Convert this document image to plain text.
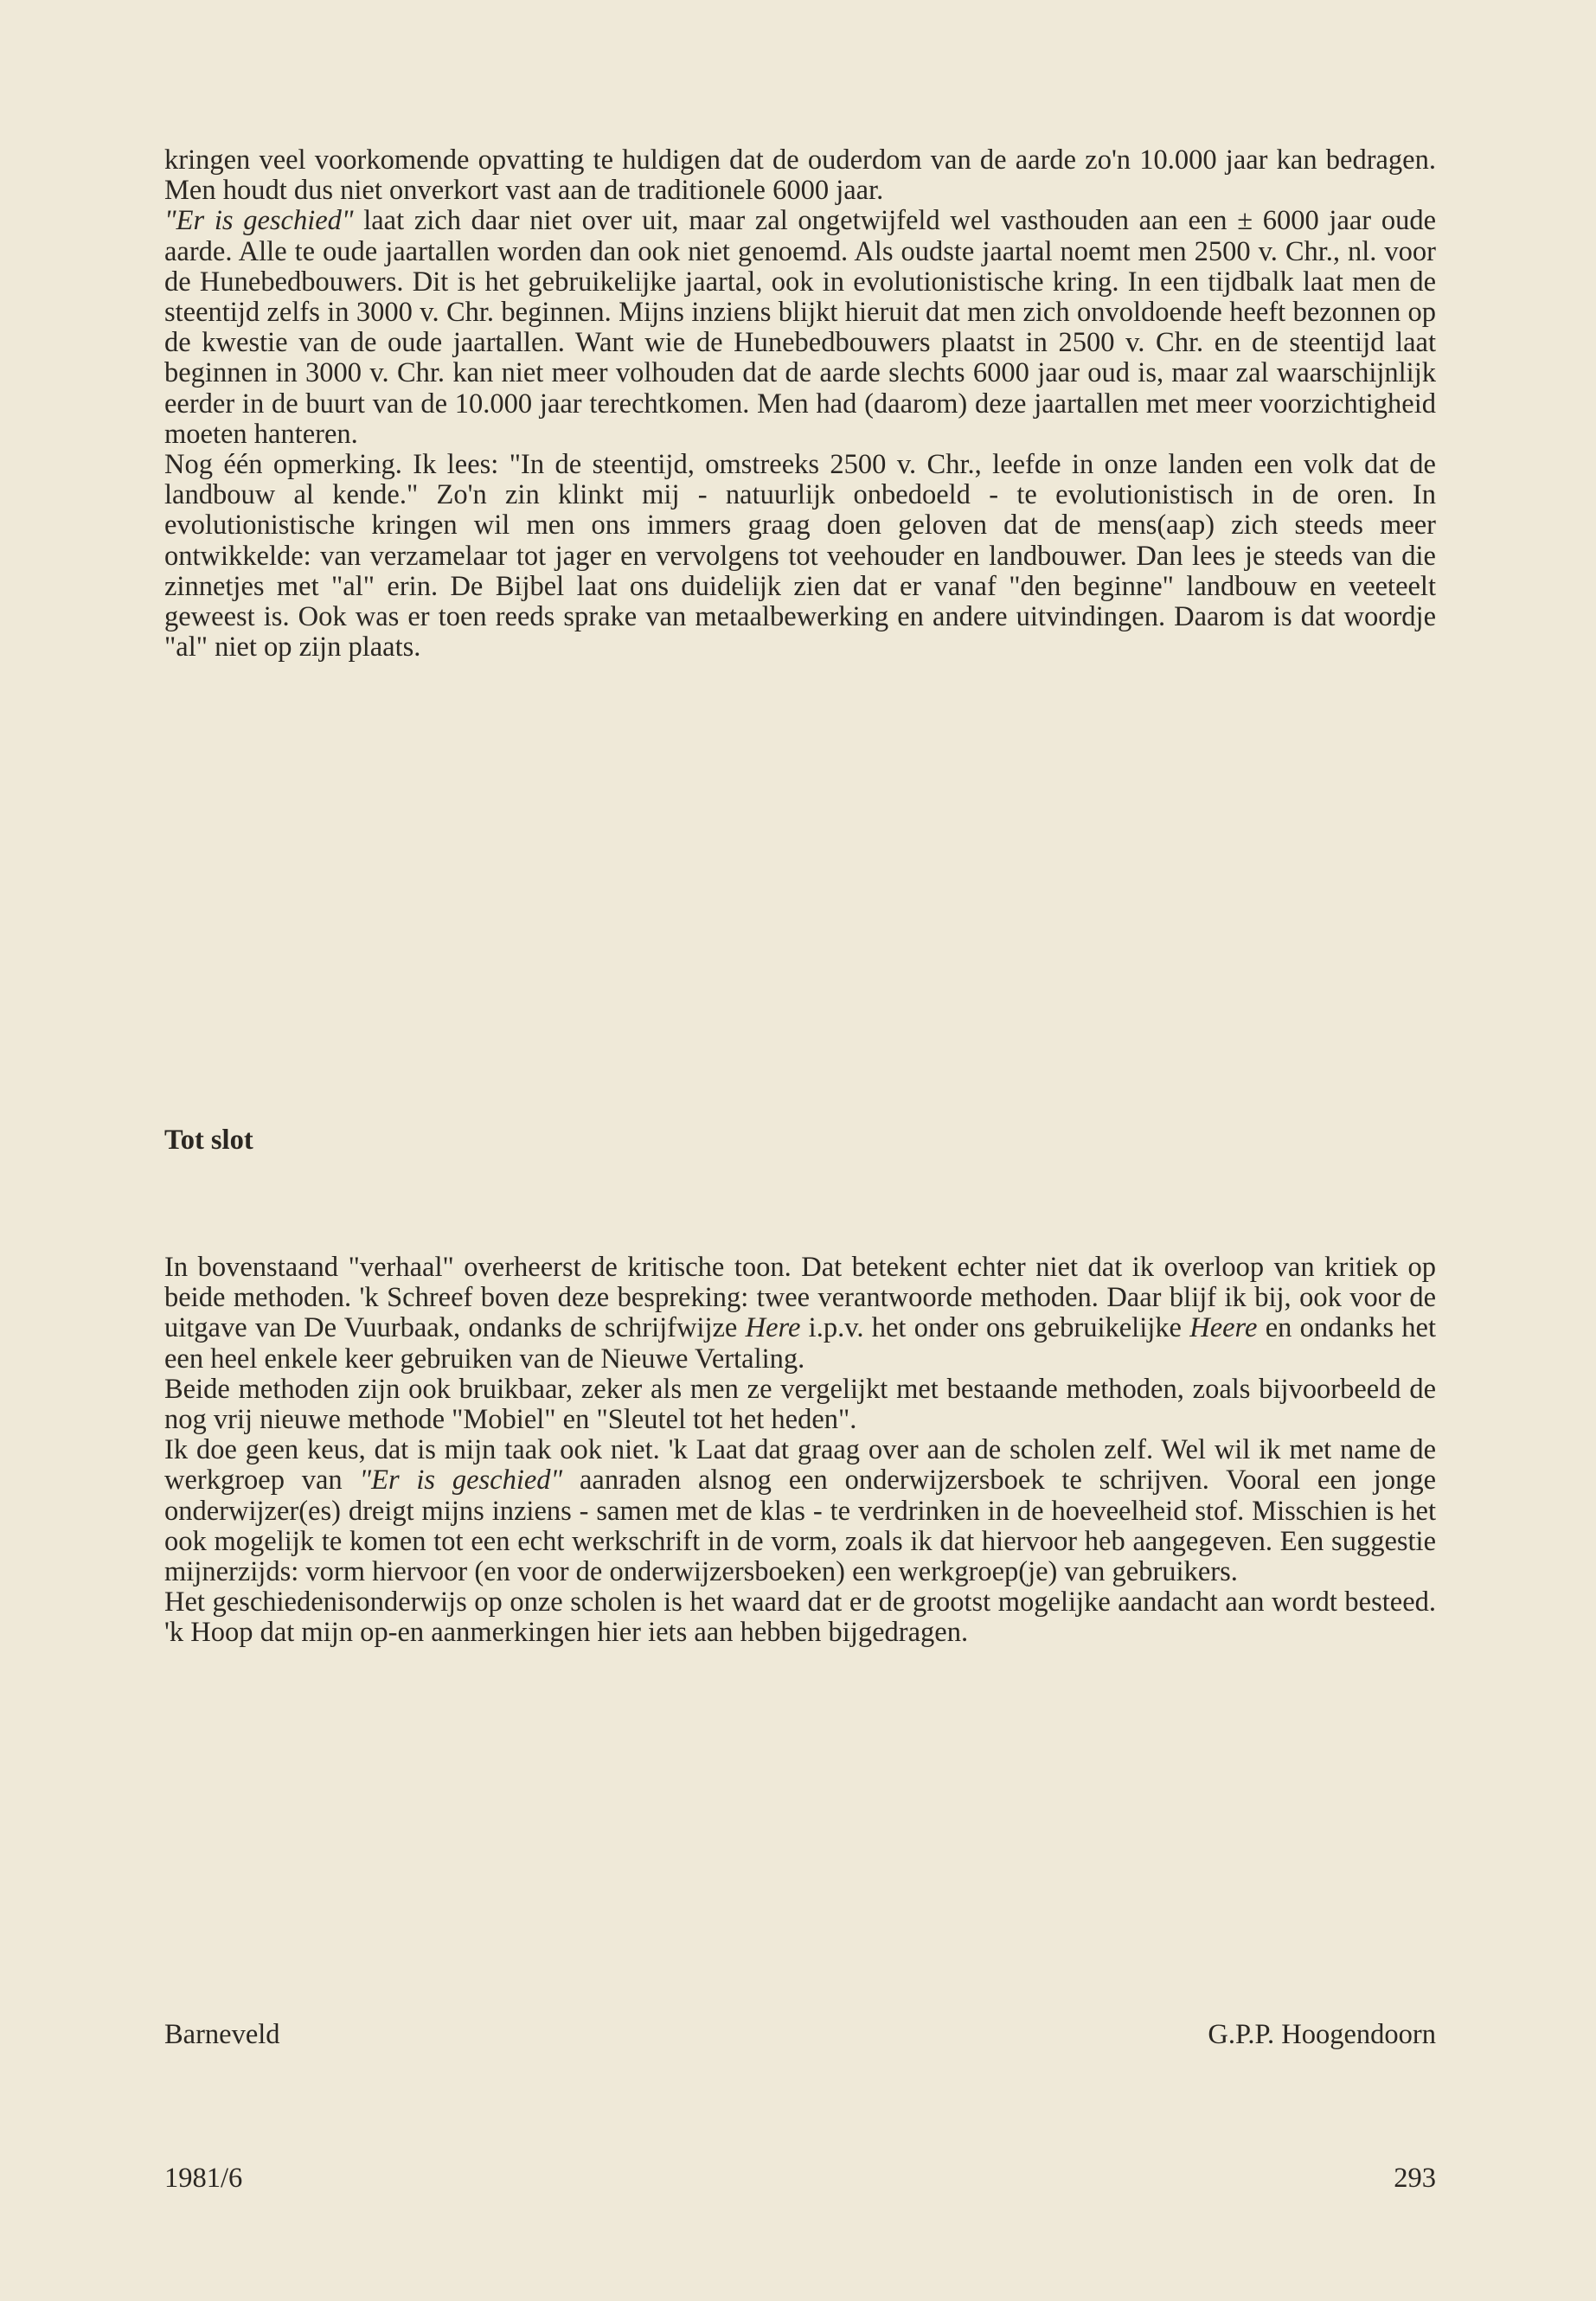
kringen veel voorkomende opvatting te huldigen dat de ouderdom van de aarde zo'n 10.000 jaar kan bedragen. Men houdt dus niet onverkort vast aan de traditionele 6000 jaar.

"Er is geschied" laat zich daar niet over uit, maar zal ongetwijfeld wel vasthouden aan een ± 6000 jaar oude aarde. Alle te oude jaartallen worden dan ook niet genoemd. Als oudste jaartal noemt men 2500 v. Chr., nl. voor de Hunebedbouwers. Dit is het gebruikelijke jaartal, ook in evolutionistische kring. In een tijdbalk laat men de steentijd zelfs in 3000 v. Chr. beginnen. Mijns inziens blijkt hieruit dat men zich onvoldoende heeft bezonnen op de kwestie van de oude jaartallen. Want wie de Hunebedbouwers plaatst in 2500 v. Chr. en de steentijd laat beginnen in 3000 v. Chr. kan niet meer volhouden dat de aarde slechts 6000 jaar oud is, maar zal waarschijnlijk eerder in de buurt van de 10.000 jaar terechtkomen. Men had (daarom) deze jaartallen met meer voorzichtigheid moeten hanteren.

Nog één opmerking. Ik lees: "In de steentijd, omstreeks 2500 v. Chr., leefde in onze landen een volk dat de landbouw al kende." Zo'n zin klinkt mij - natuurlijk onbedoeld - te evolutionistisch in de oren. In evolutionistische kringen wil men ons immers graag doen geloven dat de mens(aap) zich steeds meer ontwikkelde: van verzamelaar tot jager en vervolgens tot veehouder en landbouwer. Dan lees je steeds van die zinnetjes met "al" erin. De Bijbel laat ons duidelijk zien dat er vanaf "den beginne" landbouw en veeteelt geweest is. Ook was er toen reeds sprake van metaalbewerking en andere uitvindingen. Daarom is dat woordje "al" niet op zijn plaats.

Tot slot

In bovenstaand "verhaal" overheerst de kritische toon. Dat betekent echter niet dat ik overloop van kritiek op beide methoden. 'k Schreef boven deze bespreking: twee verantwoorde methoden. Daar blijf ik bij, ook voor de uitgave van De Vuurbaak, ondanks de schrijfwijze Here i.p.v. het onder ons gebruikelijke Heere en ondanks het een heel enkele keer gebruiken van de Nieuwe Vertaling.

Beide methoden zijn ook bruikbaar, zeker als men ze vergelijkt met bestaande methoden, zoals bijvoorbeeld de nog vrij nieuwe methode "Mobiel" en "Sleutel tot het heden".

Ik doe geen keus, dat is mijn taak ook niet. 'k Laat dat graag over aan de scholen zelf. Wel wil ik met name de werkgroep van "Er is geschied" aanraden alsnog een onderwijzersboek te schrijven. Vooral een jonge onderwijzer(es) dreigt mijns inziens - samen met de klas - te verdrinken in de hoeveelheid stof. Misschien is het ook mogelijk te komen tot een echt werkschrift in de vorm, zoals ik dat hiervoor heb aangegeven. Een suggestie mijnerzijds: vorm hiervoor (en voor de onderwijzersboeken) een werkgroep(je) van gebruikers.

Het geschiedenisonderwijs op onze scholen is het waard dat er de grootst mogelijke aandacht aan wordt besteed. 'k Hoop dat mijn op-en aanmerkingen hier iets aan hebben bijgedragen.

Barneveld	G.P.P. Hoogendoorn
1981/6	293
